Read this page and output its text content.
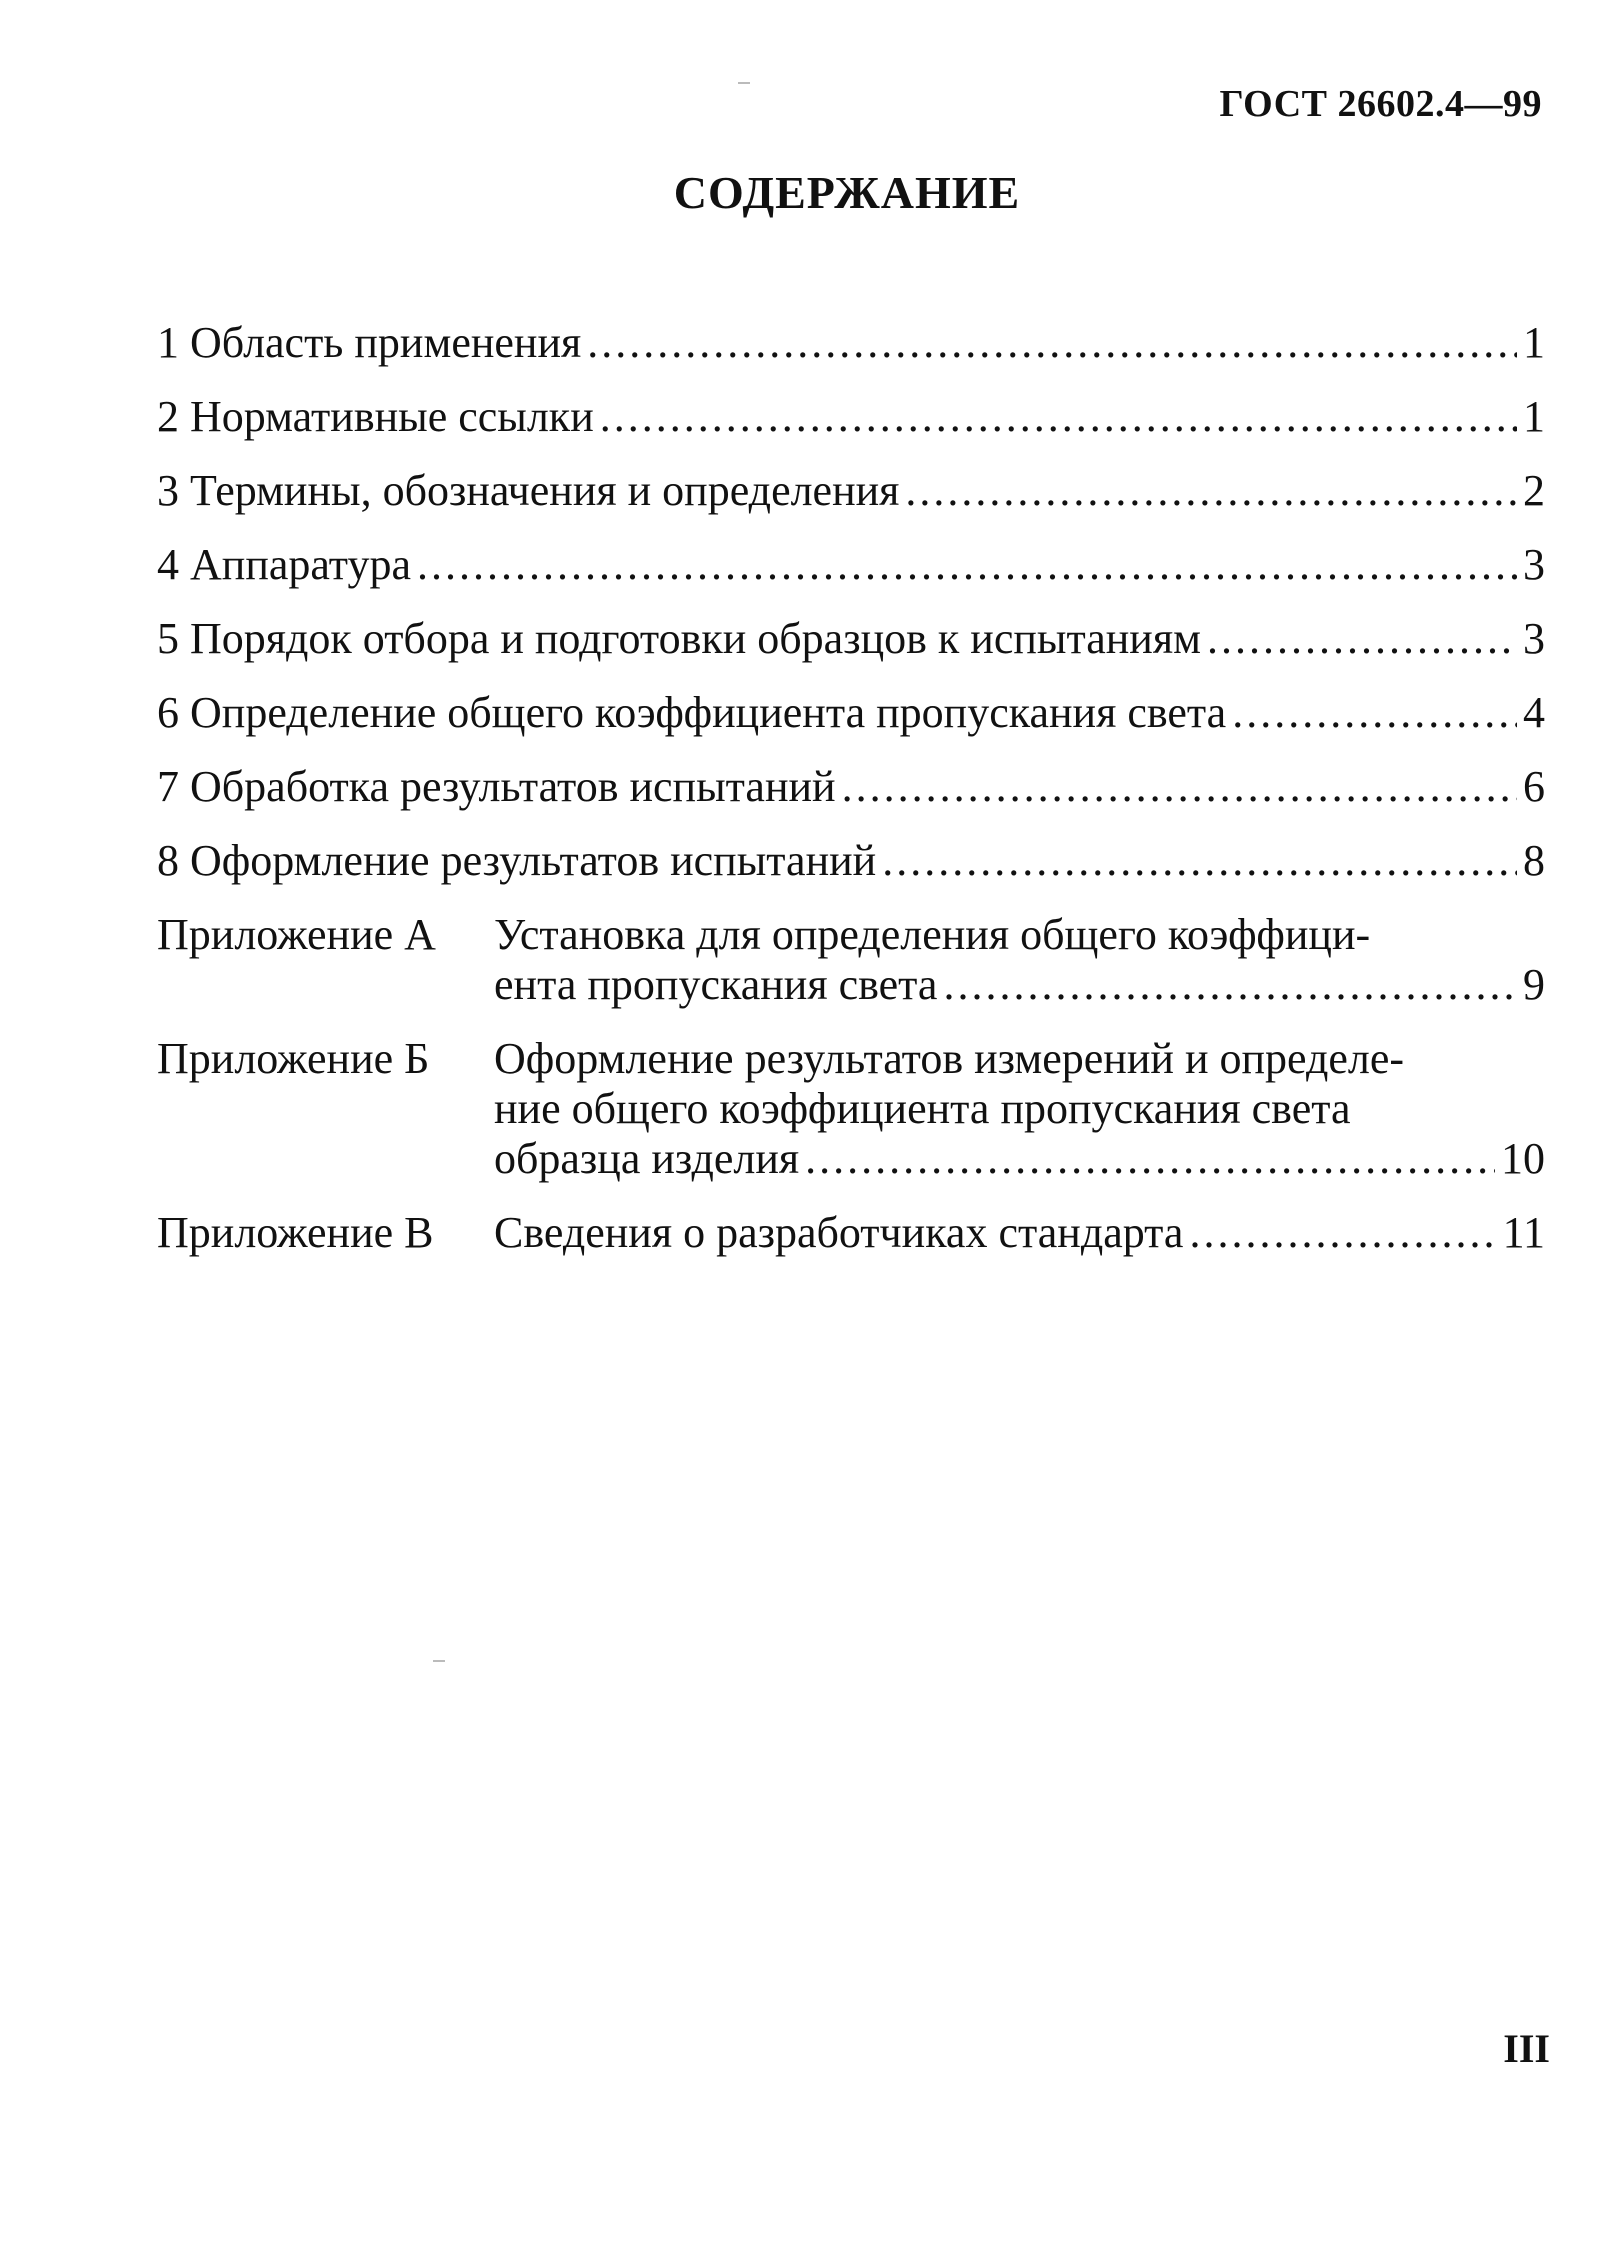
ГОСТ 26602.4—99
СОДЕРЖАНИЕ
1 Область применения .....	1
2 Нормативные ссылки .....	1
3 Термины, обозначения и определения .....	2
4 Аппаратура .....	3
5 Порядок отбора и подготовки образцов к испытаниям .....	3
6 Определение общего коэффициента пропускания света .....	4
7 Обработка результатов испытаний .....	6
8 Оформление результатов испытаний .....	8
Приложение А	Установка для определения общего коэффици-
ента пропускания света .....	9
Приложение Б	Оформление результатов измерений и определе-
ние общего коэффициента пропускания света
образца изделия .....	10
Приложение В	Сведения о разработчиках стандарта .....	11
III
